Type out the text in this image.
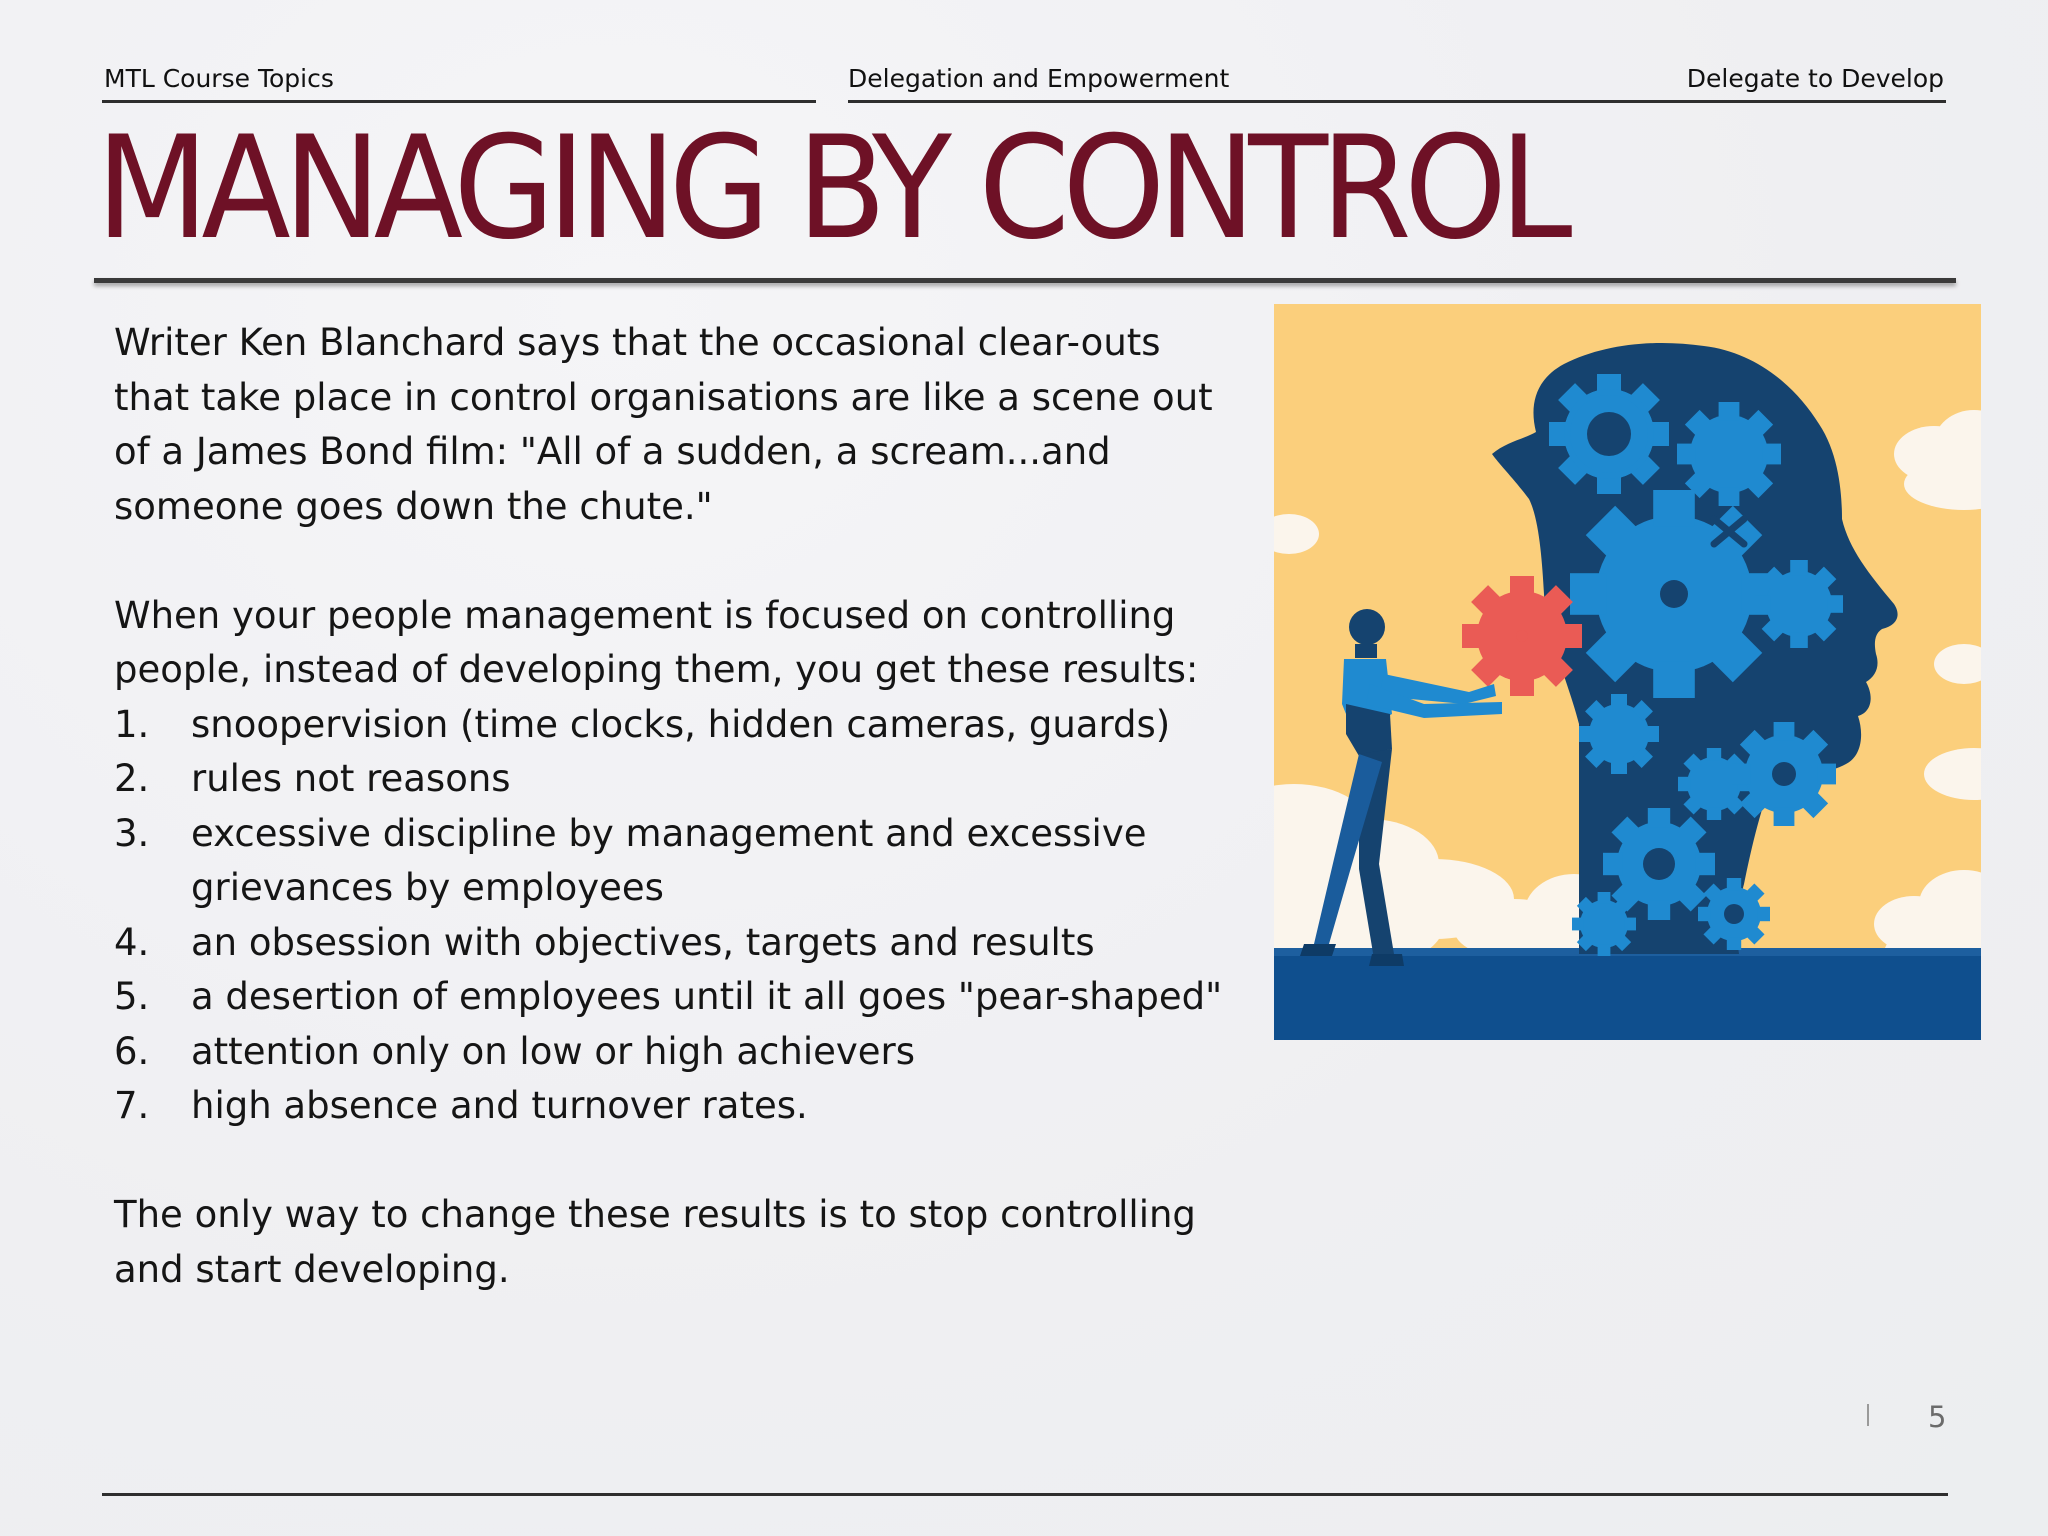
MTL Course Topics	Delegation and Empowerment	Delegate to Develop
MANAGING BY CONTROL

Writer Ken Blanchard says that the occasional clear-outs

that take place in control organisations are like a scene out

of a James Bond film: "All of a sudden, a scream...and

someone goes down the chute."

When your people management is focused on controlling

people, instead of developing them, you get these results:

1. snoopervision (time clocks, hidden cameras, guards)
2. rules not reasons
3. excessive discipline by management and excessive grievances by employees
4. an obsession with objectives, targets and results
5. a desertion of employees until it all goes "pear-shaped"
6. attention only on low or high achievers
7. high absence and turnover rates.

The only way to change these results is to stop controlling

and start developing.

5
